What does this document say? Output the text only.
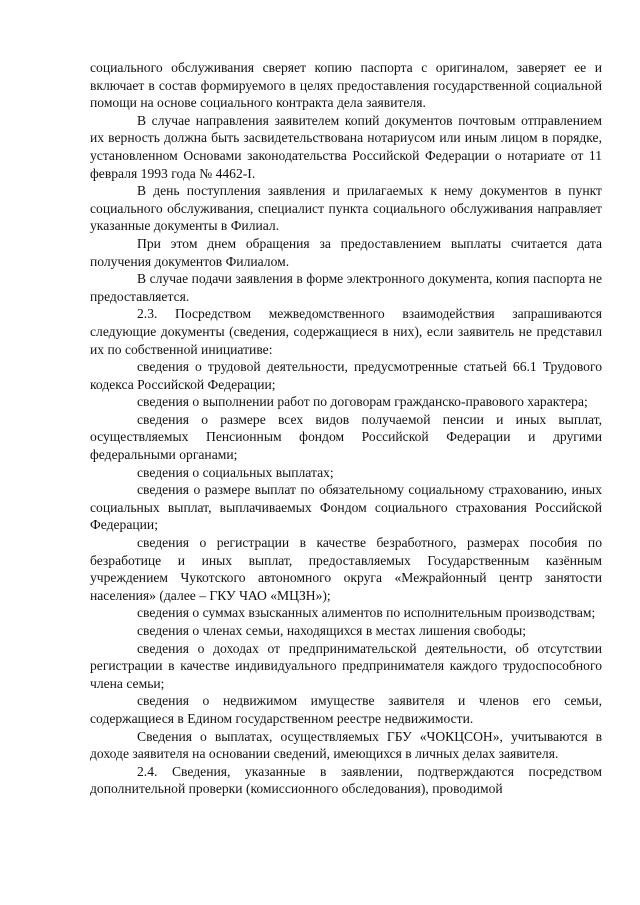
социального обслуживания сверяет копию паспорта с оригиналом, заверяет ее и включает в состав формируемого в целях предоставления государственной социальной помощи на основе социального контракта дела заявителя.

В случае направления заявителем копий документов почтовым отправлением их верность должна быть засвидетельствована нотариусом или иным лицом в порядке, установленном Основами законодательства Российской Федерации о нотариате от 11 февраля 1993 года № 4462-I.

В день поступления заявления и прилагаемых к нему документов в пункт социального обслуживания, специалист пункта социального обслуживания направляет указанные документы в Филиал.

При этом днем обращения за предоставлением выплаты считается дата получения документов Филиалом.

В случае подачи заявления в форме электронного документа, копия паспорта не предоставляется.

2.3. Посредством межведомственного взаимодействия запрашиваются следующие документы (сведения, содержащиеся в них), если заявитель не представил их по собственной инициативе:

сведения о трудовой деятельности, предусмотренные статьей 66.1 Трудового кодекса Российской Федерации;

сведения о выполнении работ по договорам гражданско-правового характера;

сведения о размере всех видов получаемой пенсии и иных выплат, осуществляемых Пенсионным фондом Российской Федерации и другими федеральными органами;

сведения о социальных выплатах;

сведения о размере выплат по обязательному социальному страхованию, иных социальных выплат, выплачиваемых Фондом социального страхования Российской Федерации;

сведения о регистрации в качестве безработного, размерах пособия по безработице и иных выплат, предоставляемых Государственным казённым учреждением Чукотского автономного округа «Межрайонный центр занятости населения» (далее – ГКУ ЧАО «МЦЗН»);

сведения о суммах взысканных алиментов по исполнительным производствам;

сведения о членах семьи, находящихся в местах лишения свободы;

сведения о доходах от предпринимательской деятельности, об отсутствии регистрации в качестве индивидуального предпринимателя каждого трудоспособного члена семьи;

сведения о недвижимом имуществе заявителя и членов его семьи, содержащиеся в Едином государственном реестре недвижимости.

Сведения о выплатах, осуществляемых ГБУ «ЧОКЦСОН», учитываются в доходе заявителя на основании сведений, имеющихся в личных делах заявителя.

2.4. Сведения, указанные в заявлении, подтверждаются посредством дополнительной проверки (комиссионного обследования), проводимой
